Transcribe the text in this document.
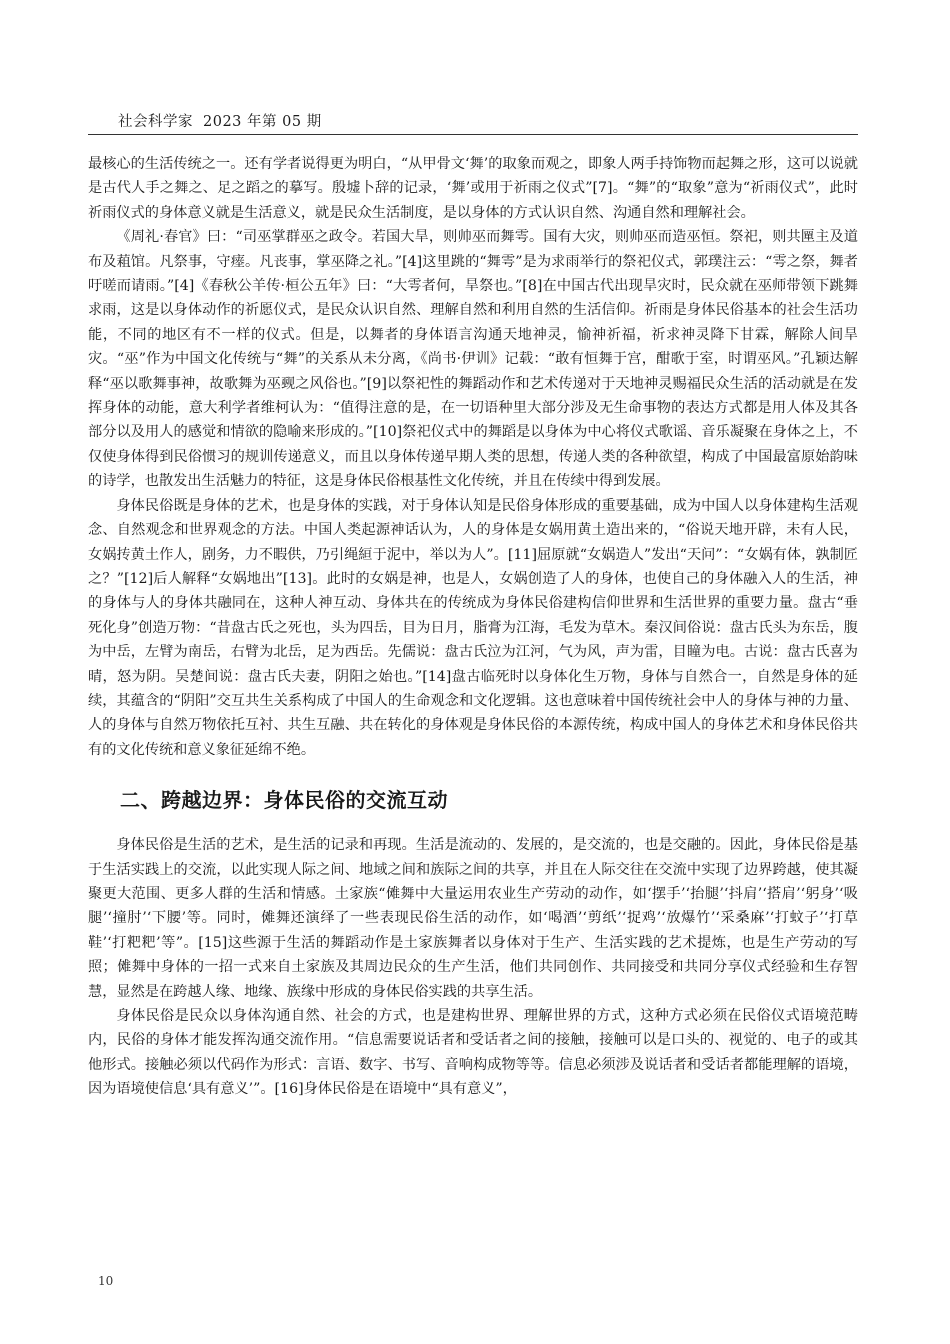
社会科学家 2023 年第 05 期

最核心的生活传统之一。还有学者说得更为明白，“从甲骨文‘舞’的取象而观之，即象人两手持饰物而起舞之形，这可以说就是古代人手之舞之、足之蹈之的摹写。殷墟卜辞的记录，‘舞’或用于祈雨之仪式”[7]。“舞”的“取象”意为“祈雨仪式”，此时祈雨仪式的身体意义就是生活意义，就是民众生活制度，是以身体的方式认识自然、沟通自然和理解社会。

《周礼·春官》曰：“司巫掌群巫之政令。若国大旱，则帅巫而舞雩。国有大灾，则帅巫而造巫恒。祭祀，则共匰主及道布及蒩馆。凡祭事，守瘗。凡丧事，掌巫降之礼。”[4]这里跳的“舞雩”是为求雨举行的祭祀仪式，郭璞注云：“雩之祭，舞者吁嗟而请雨。”[4]《春秋公羊传·桓公五年》曰：“大雩者何，旱祭也。”[8]在中国古代出现旱灾时，民众就在巫师带领下跳舞求雨，这是以身体动作的祈愿仪式，是民众认识自然、理解自然和利用自然的生活信仰。祈雨是身体民俗基本的社会生活功能，不同的地区有不一样的仪式。但是，以舞者的身体语言沟通天地神灵，愉神祈福，祈求神灵降下甘霖，解除人间旱灾。“巫”作为中国文化传统与“舞”的关系从未分离，《尚书·伊训》记载：“敢有恒舞于宫，酣歌于室，时谓巫风。”孔颖达解释“巫以歌舞事神，故歌舞为巫觋之风俗也。”[9]以祭祀性的舞蹈动作和艺术传递对于天地神灵赐福民众生活的活动就是在发挥身体的动能，意大利学者维柯认为：“值得注意的是，在一切语种里大部分涉及无生命事物的表达方式都是用人体及其各部分以及用人的感觉和情欲的隐喻来形成的。”[10]祭祀仪式中的舞蹈是以身体为中心将仪式歌谣、音乐凝聚在身体之上，不仅使身体得到民俗惯习的规训传递意义，而且以身体传递早期人类的思想，传递人类的各种欲望，构成了中国最富原始韵味的诗学，也散发出生活魅力的特征，这是身体民俗根基性文化传统，并且在传续中得到发展。

身体民俗既是身体的艺术，也是身体的实践，对于身体认知是民俗身体形成的重要基础，成为中国人以身体建构生活观念、自然观念和世界观念的方法。中国人类起源神话认为，人的身体是女娲用黄土造出来的，“俗说天地开辟，未有人民，女娲抟黄土作人，剧务，力不暇供，乃引绳絙于泥中，举以为人”。[11]屈原就“女娲造人”发出“天问”：“女娲有体，孰制匠之？”[12]后人解释“女娲地出”[13]。此时的女娲是神，也是人，女娲创造了人的身体，也使自己的身体融入人的生活，神的身体与人的身体共融同在，这种人神互动、身体共在的传统成为身体民俗建构信仰世界和生活世界的重要力量。盘古“垂死化身”创造万物：“昔盘古氏之死也，头为四岳，目为日月，脂膏为江海，毛发为草木。秦汉间俗说：盘古氏头为东岳，腹为中岳，左臂为南岳，右臂为北岳，足为西岳。先儒说：盘古氏泣为江河，气为风，声为雷，目瞳为电。古说：盘古氏喜为晴，怒为阴。吴楚间说：盘古氏夫妻，阴阳之始也。”[14]盘古临死时以身体化生万物，身体与自然合一，自然是身体的延续，其蕴含的“阴阳”交互共生关系构成了中国人的生命观念和文化逻辑。这也意味着中国传统社会中人的身体与神的力量、人的身体与自然万物依托互衬、共生互融、共在转化的身体观是身体民俗的本源传统，构成中国人的身体艺术和身体民俗共有的文化传统和意义象征延绵不绝。

二、跨越边界：身体民俗的交流互动

身体民俗是生活的艺术，是生活的记录和再现。生活是流动的、发展的，是交流的，也是交融的。因此，身体民俗是基于生活实践上的交流，以此实现人际之间、地域之间和族际之间的共享，并且在人际交往在交流中实现了边界跨越，使其凝聚更大范围、更多人群的生活和情感。土家族“傩舞中大量运用农业生产劳动的动作，如‘摆手’‘抬腿’‘抖肩’‘搭肩’‘躬身’‘吸腿’‘撞肘’‘下腰’等。同时，傩舞还演绎了一些表现民俗生活的动作，如‘喝酒’‘剪纸’‘捉鸡’‘放爆竹’‘采桑麻’‘打蚊子’‘打草鞋’‘打粑粑’等”。[15]这些源于生活的舞蹈动作是土家族舞者以身体对于生产、生活实践的艺术提炼，也是生产劳动的写照；傩舞中身体的一招一式来自土家族及其周边民众的生产生活，他们共同创作、共同接受和共同分享仪式经验和生存智慧，显然是在跨越人缘、地缘、族缘中形成的身体民俗实践的共享生活。

身体民俗是民众以身体沟通自然、社会的方式，也是建构世界、理解世界的方式，这种方式必须在民俗仪式语境范畴内，民俗的身体才能发挥沟通交流作用。“信息需要说话者和受话者之间的接触，接触可以是口头的、视觉的、电子的或其他形式。接触必须以代码作为形式：言语、数字、书写、音响构成物等等。信息必须涉及说话者和受话者都能理解的语境，因为语境使信息‘具有意义’”。[16]身体民俗是在语境中“具有意义”，

10
